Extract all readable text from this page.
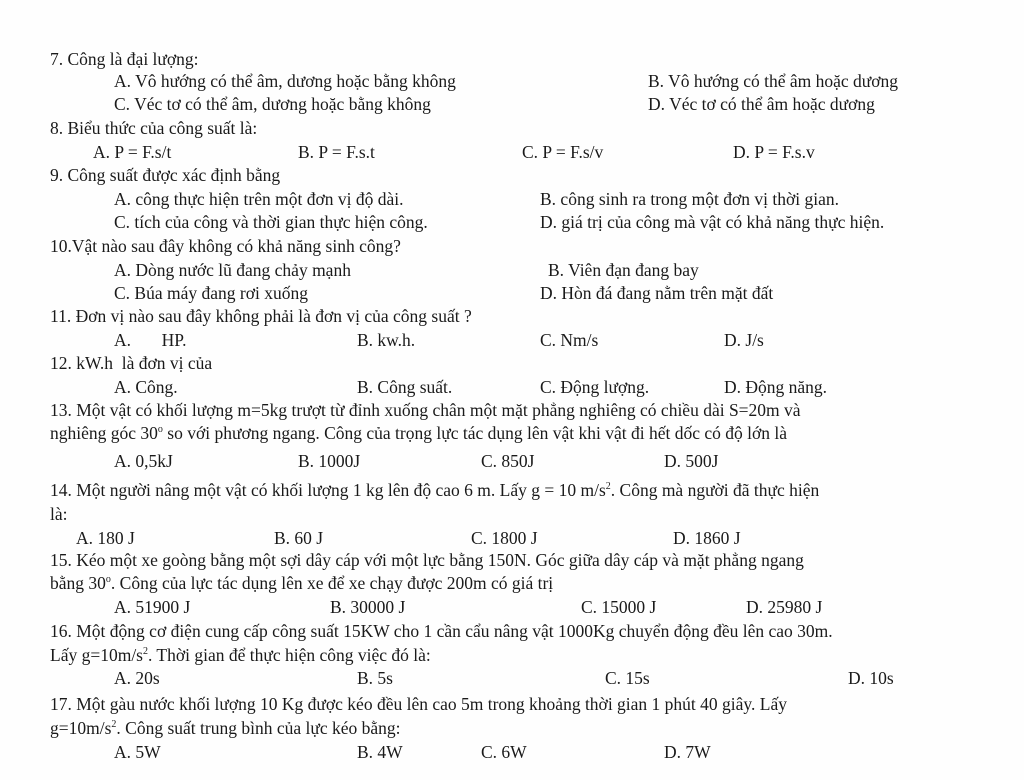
7. Công là đại lượng:
A. Vô hướng có thể âm, dương hoặc bằng không	B. Vô hướng có thể âm hoặc dương
C. Véc tơ có thể âm, dương hoặc bằng không	D. Véc tơ có thể âm hoặc dương
8. Biểu thức của công suất là:
A. P = F.s/t	B. P = F.s.t	C. P = F.s/v	D. P = F.s.v
9. Công suất được xác định bằng
A. công thực hiện trên một đơn vị độ dài.	B. công sinh ra trong một đơn vị thời gian.
C. tích của công và thời gian thực hiện công.	D. giá trị của công mà vật có khả năng thực hiện.
10.Vật nào sau đây không có khả năng sinh công?
A. Dòng nước lũ đang chảy mạnh	B. Viên đạn đang bay
C. Búa máy đang rơi xuống	D. Hòn đá đang nằm trên mặt đất
11. Đơn vị nào sau đây không phải là đơn vị của công suất ?
A.       HP.	B. kw.h.	C. Nm/s	D. J/s
12. kW.h  là đơn vị của
A. Công.	B. Công suất.	C. Động lượng.	D. Động năng.
13. Một vật có khối lượng m=5kg trượt từ đỉnh xuống chân một mặt phẳng nghiêng có chiều dài S=20m và
nghiêng góc 30$^o$ so với phương ngang. Công của trọng lực tác dụng lên vật khi vật đi hết dốc có độ lớn là
A. 0,5kJ	B. 1000J	C. 850J	D. 500J
14. Một người nâng một vật có khối lượng 1 kg lên độ cao 6 m. Lấy g = 10 $m/s^2$. Công mà người đã thực hiện
là:
A. 180 J	B. 60 J	C. 1800 J	D. 1860 J
15. Kéo một xe goòng bằng một sợi dây cáp với một lực bằng 150N. Góc giữa dây cáp và mặt phẳng ngang
bằng 30$^o$. Công của lực tác dụng lên xe để xe chạy được 200m có giá trị
A. 51900 J	B. 30000 J	C. 15000 J	D. 25980 J
16. Một động cơ điện cung cấp công suất 15KW cho 1 cần cẩu nâng vật 1000Kg chuyển động đều lên cao 30m.
Lấy $g=10m/s^2$. Thời gian để thực hiện công việc đó là:
A. 20s	B. 5s	C. 15s	D. 10s
17. Một gàu nước khối lượng 10 Kg được kéo đều lên cao 5m trong khoảng thời gian 1 phút 40 giây. Lấy
$g=10m/s^2$. Công suất trung bình của lực kéo bằng:
A. 5W	B. 4W	C. 6W	D. 7W
